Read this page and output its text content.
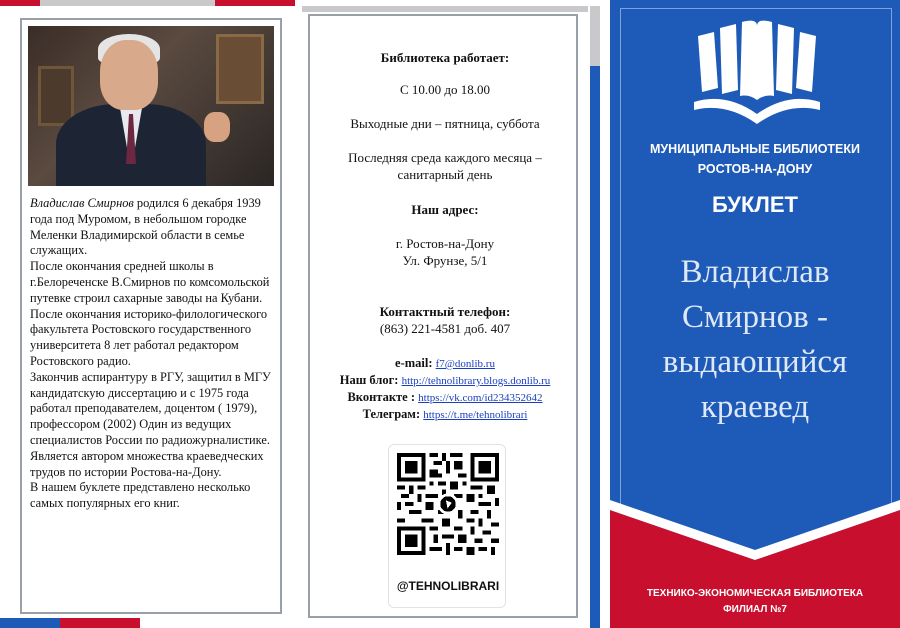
Владислав Смирнов родился 6 декабря 1939 года под Муромом, в небольшом городке Меленки Владимирской области в семье служащих.

После окончания средней школы в г.Белореченске В.Смирнов по комсомольской путевке строил сахарные заводы на Кубани.

После окончания историко-филологического факультета Ростовского государственного университета 8 лет работал редактором Ростовского радио.

Закончив аспирантуру в РГУ, защитил в МГУ кандидатскую диссертацию и с 1975 года работал преподавателем, доцентом ( 1979), профессором (2002) Один из ведущих специалистов России по радиожурналистике.

Является автором множества краеведческих трудов по истории Ростова-на-Дону.

В нашем буклете представлено несколько самых популярных его книг.

Библиотека работает:
С 10.00 до 18.00
Выходные дни – пятница, суббота
Последняя среда каждого месяца –
санитарный день
Наш адрес:
г. Ростов-на-Дону
Ул. Фрунзе, 5/1
Контактный телефон:
(863) 221-4581 доб. 407
e-mail: f7@donlib.ru
Наш блог: http://tehnolibrary.blogs.donlib.ru
Вконтакте : https://vk.com/id234352642
Телеграм: https://t.me/tehnolibrari
@TEHNOLIBRARI
МУНИЦИПАЛЬНЫЕ БИБЛИОТЕКИ
РОСТОВ-НА-ДОНУ
БУКЛЕТ
Владислав
Смирнов -
выдающийся
краевед
ТЕХНИКО-ЭКОНОМИЧЕСКАЯ БИБЛИОТЕКА
ФИЛИАЛ №7
